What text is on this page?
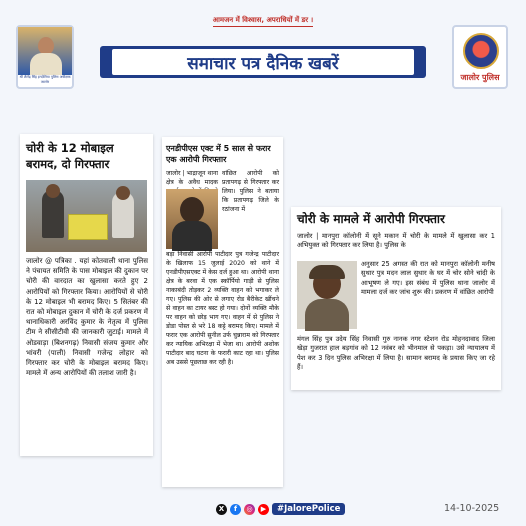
आमजन में विश्वास, अपराधियों में डर ।
श्री शैलेंद्र सिंह इन्दोलिया पुलिस अधीक्षक जालोर
समाचार पत्र दैनिक खबरें
जालोर पुलिस
चोरी के 12 मोबाइल बरामद, दो गिरफ्तार
जालोर @ पत्रिका . यहां कोतवाली थाना पुलिस ने पंचायत समिति के पास मोबाइल की दुकान पर चोरी की वारदात का खुलासा करते हुए 2 आरोपियों को गिरफ्तार किया। आरोपियों से चोरी के 12 मोबाइल भी बरामद किए। 5 सितंबर की रात को मोबाइल दुकान में चोरी के दर्ज प्रकरण में थानाधिकारी अरविंद कुमार के नेतृत्व में पुलिस टीम ने सीसीटीवी की जानकारी जुटाई। मामले में ओडवाड़ा (बिशनगढ़) निवासी संजय कुमार और भांवरी (पाली) निवासी गजेन्द्र लोहार को गिरफ्तार कर चोरी के मोबाइल बरामद किए। मामले में अन्य आरोपियों की तलाश जारी है।
एनडीपीएस एक्ट में 5 साल से फरार एक आरोपी गिरफ्तार
जालोर | भाद्राजून थाना क्षेत्र के अवैध मादक
वांछित आरोपी को प्रतापगढ़ से गिरफ्तार कर लिया। पुलिस ने बताया कि प्रतापगढ़ जिले के रठांजना में
बड़ा निवासी आरोपी पाटीदार पुत्र गजेन्द्र पाटीदार के खिलाफ 15 जुलाई 2020 को थाने में एनडीपीएसएक्ट में केस दर्ज हुआ था। आरोपी थाना क्षेत्र के बरवा में एक स्कॉर्पियो गाड़ी से पुलिस नाकाबंदी तोड़कर 2 व्यक्ति वाहन को भगाकर ले गए। पुलिस की ओर से लगाए रोड बैरीकेट खींचने से वाहन का टायर बस्ट हो गया। दोनों व्यक्ति मौके पर वाहन को छोड़ भाग गए। वाहन में से पुलिस ने डोडा पोस्त से भरे 18 कट्टे बरामद किए। मामले में फरार एक आरोपी सुनील उर्फ चुन्नाराम को गिरफ्तार कर न्यायिक अभिरक्षा में भेजा था। आरोपी अशोक पाटीदार बाद घटना के फरारी काट रहा था। पुलिस अब उससे पूछताछ कर रही है।
चोरी के मामले में आरोपी गिरफ्तार
जालोर | मानपुरा कॉलोनी में सूने मकान में चोरी के मामले में खुलासा कर 1 अभियुक्त को गिरफ्तार कर लिया है। पुलिस के
अनुसार 25 अगस्त की रात को मानपुरा कॉलोनी मनीष सुथार पुत्र मदन लाल सुथार के घर में चोर सोने चांदी के आभूषण ले गए। इस संबंध में पुलिस थाना जालोर में मामला दर्ज कर जांच शुरू की। प्रकरण में वांछित आरोपी
मंगल सिंह पुत्र उदेय सिंह निवासी गुरु नानक नगर स्टेशन रोड मोहनदावाद जिला खेड़ा गुजरात हाल बड़गांव को 12 नवंबर को भीनमाल से पकड़ा। उसे न्यायालय में पेश कर 3 दिन पुलिस अभिरक्षा में लिया है। सामान बरामद के प्रयास किए जा रहे हैं।
X	f	◎	▶	#JalorePolice	14-10-2025
